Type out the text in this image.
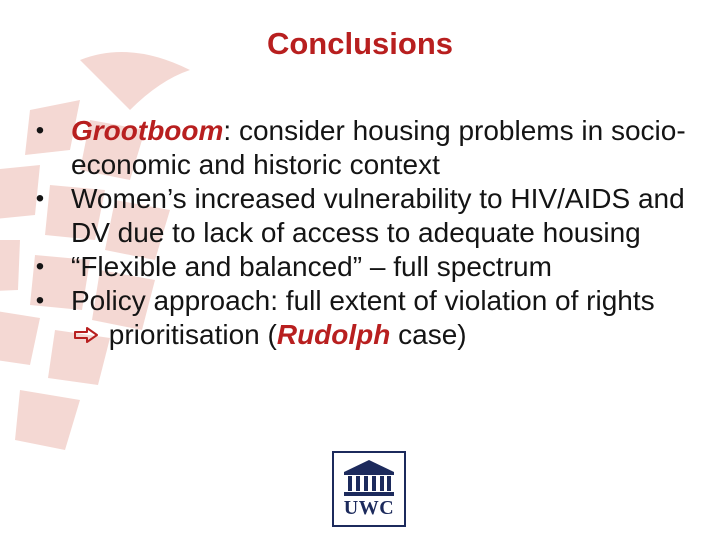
Conclusions
• Grootboom: consider housing problems in socio-economic and historic context
• Women’s increased vulnerability to HIV/AIDS and DV due to lack of access to adequate housing
• “Flexible and balanced” – full spectrum
• Policy approach: full extent of violation of rights  prioritisation (Rudolph case)
UWC
